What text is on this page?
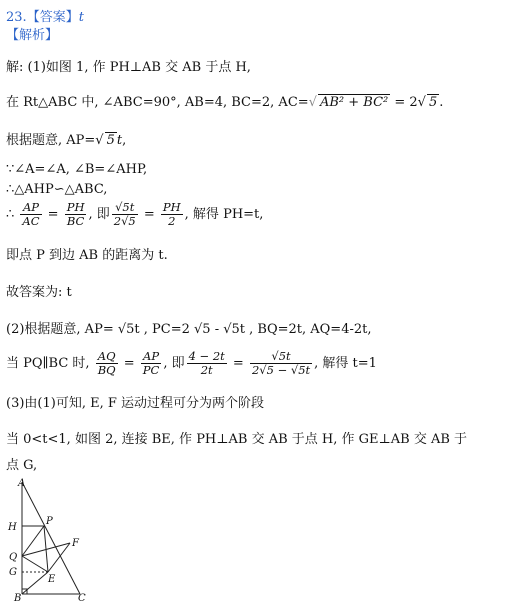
23.【答案】t
【解析】
解: (1)如图 1, 作 PH⊥AB 交 AB 于点 H,
在 Rt△ABC 中, ∠ABC=90°, AB=4, BC=2, AC=√ AB² + BC² = 2√ 5 .
根据题意, AP=√ 5 t,
∵∠A=∠A, ∠B=∠AHP,
∴△AHP∽△ABC,
∴ $\frac{AP}{AC} = \frac{PH}{BC}$ , 即 $\frac{√5t}{2√5} = \frac{PH}{2}$ , 解得 PH=t,
即点 P 到边 AB 的距离为 t.
故答案为: t
(2)根据题意, AP= √5t , PC=2 √5 - √5t , BQ=2t, AQ=4-2t,
当 PQ∥BC 时, $\frac{AQ}{BQ} = \frac{AP}{PC}$ , 即 $\frac{4 - 2t}{2t} = \frac{√5t}{2√5 - √5t}$ , 解得 t=1
(3)由(1)可知, E, F 运动过程可分为两个阶段
当 0<t<1, 如图 2, 连接 BE, 作 PH⊥AB 交 AB 于点 H, 作 GE⊥AB 交 AB 于
点 G,
A
H
P
F
Q
G
E
B	C
